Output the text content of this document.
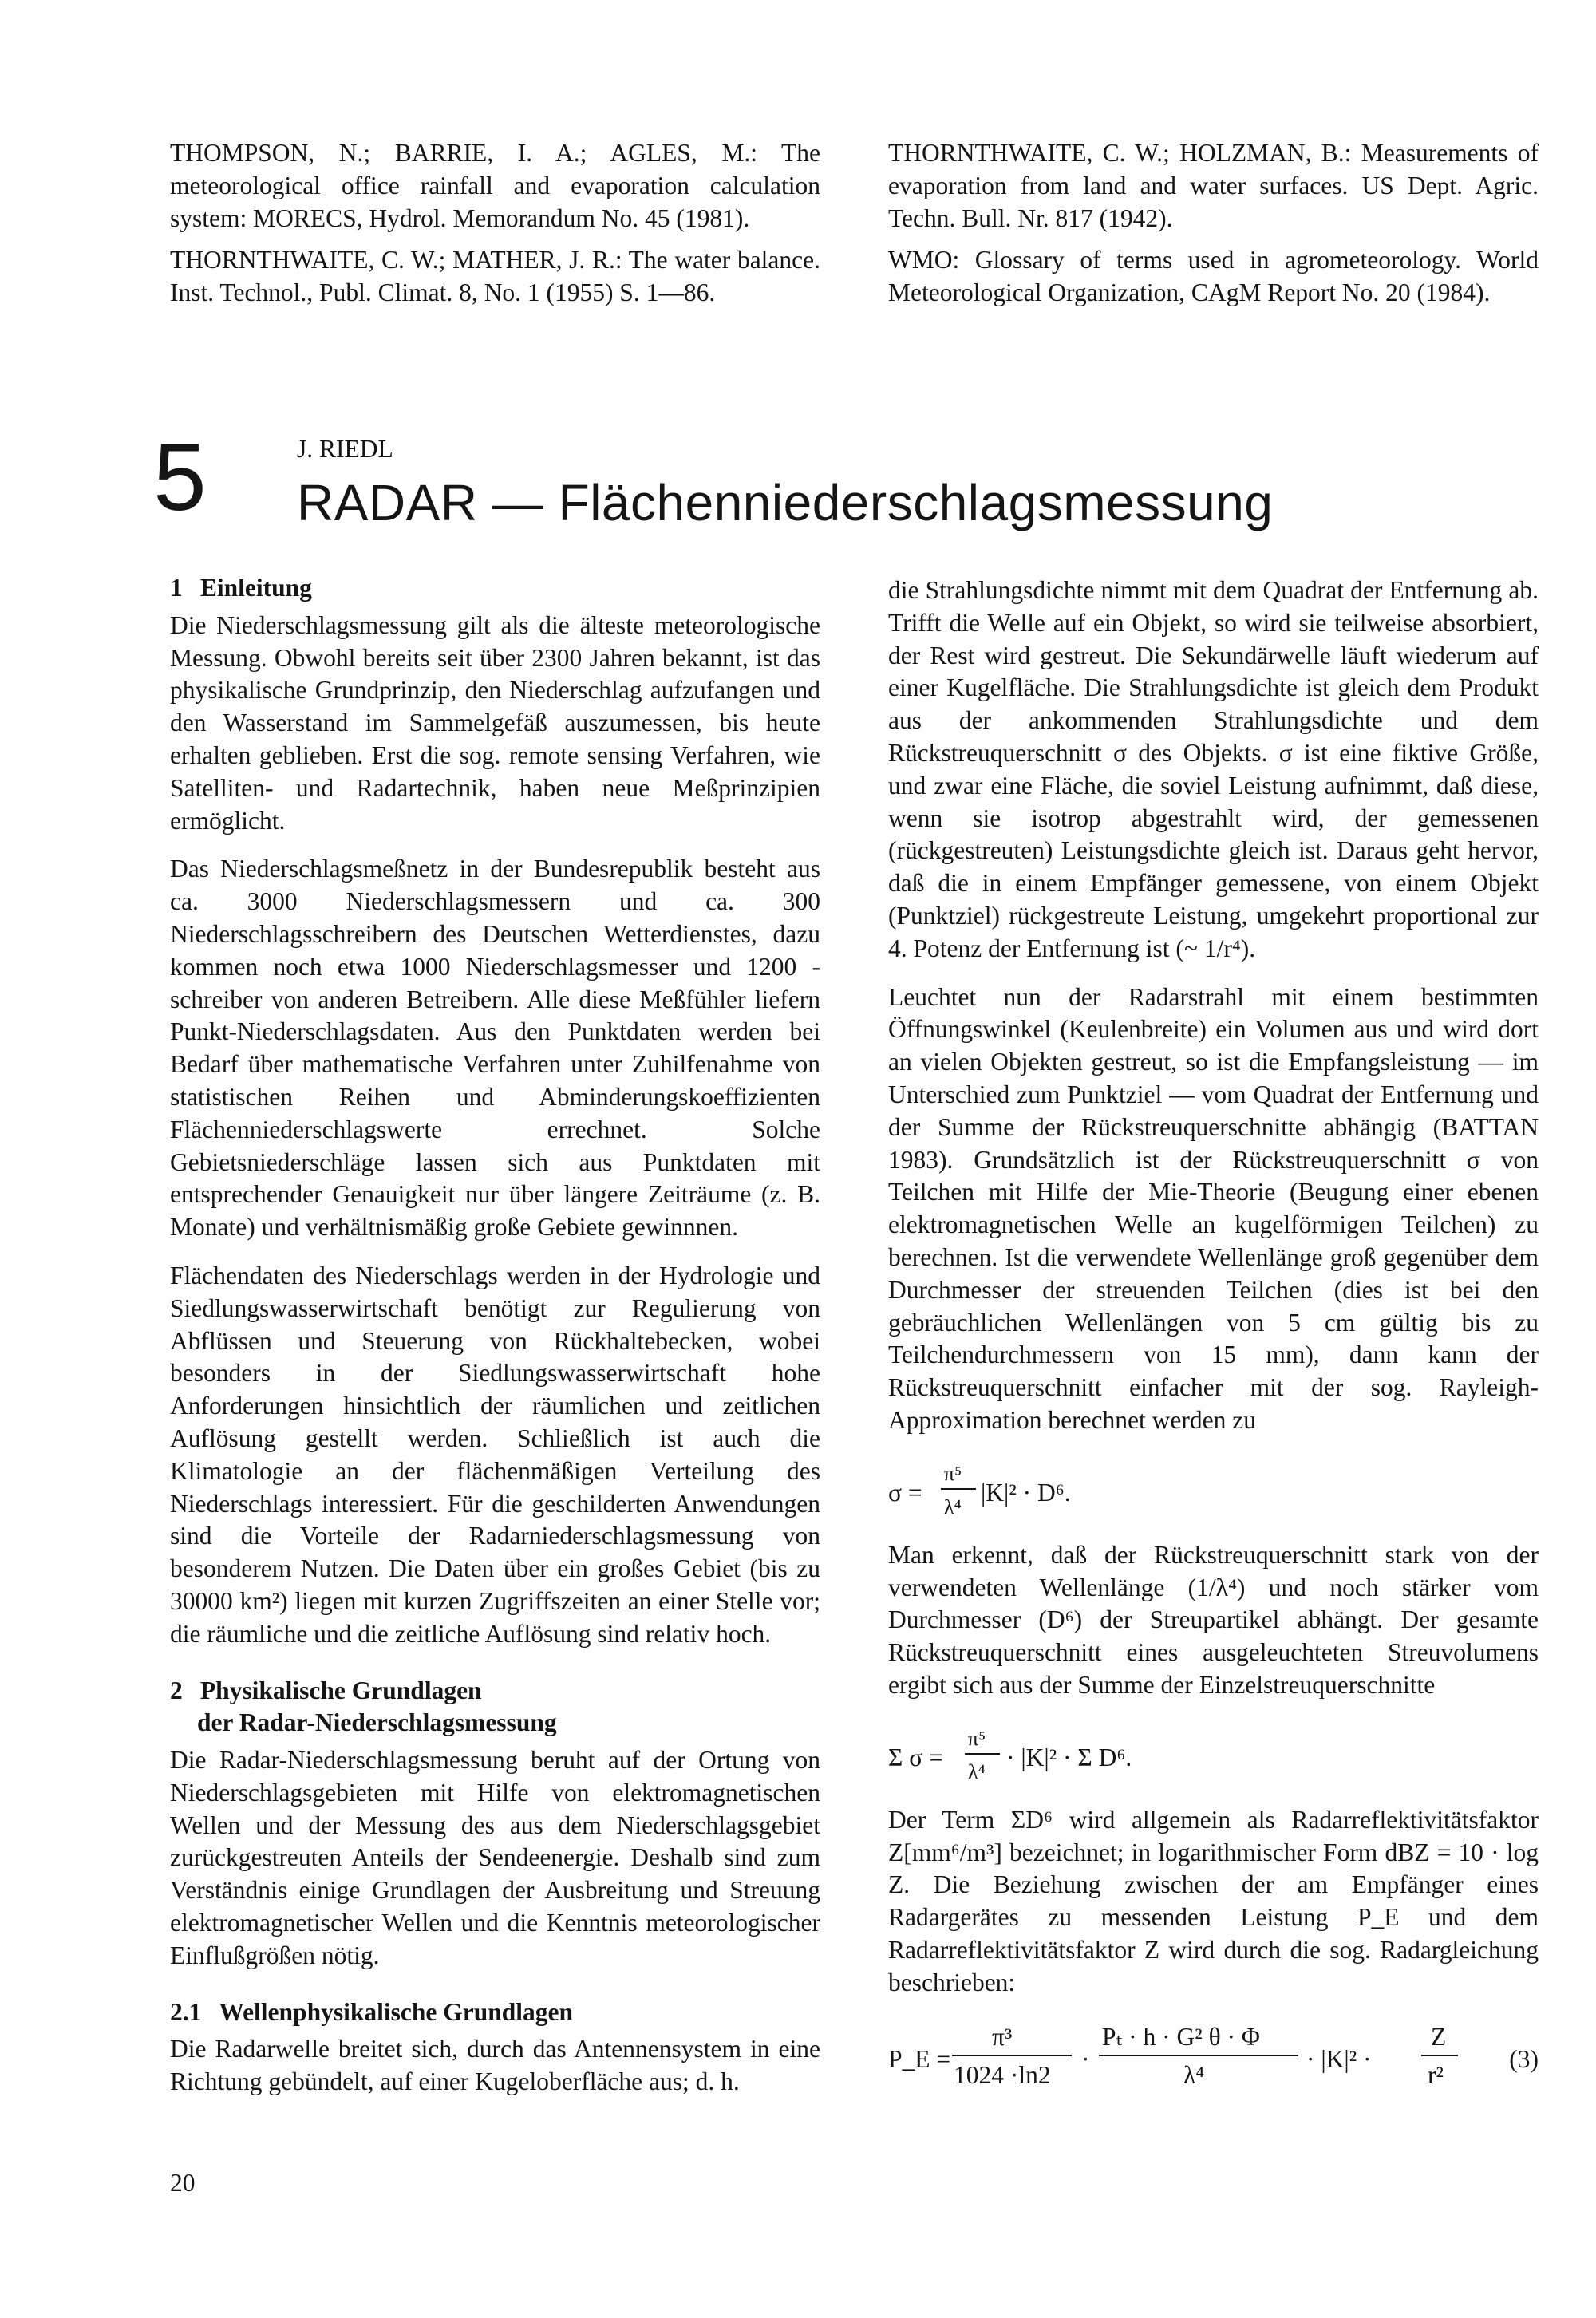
THOMPSON, N.; BARRIE, I. A.; AGLES, M.: The meteorological office rainfall and evaporation calculation system: MORECS, Hydrol. Memorandum No. 45 (1981).

THORNTHWAITE, C. W.; MATHER, J. R.: The water balance. Inst. Technol., Publ. Climat. 8, No. 1 (1955) S. 1—86.

THORNTHWAITE, C. W.; HOLZMAN, B.: Measurements of evaporation from land and water surfaces. US Dept. Agric. Techn. Bull. Nr. 817 (1942).

WMO: Glossary of terms used in agrometeorology. World Meteorological Organization, CAgM Report No. 20 (1984).

5	J. RIEDL
RADAR — Flächenniederschlagsmessung
1 Einleitung

Die Niederschlagsmessung gilt als die älteste meteorologische Messung. Obwohl bereits seit über 2300 Jahren bekannt, ist das physikalische Grundprinzip, den Niederschlag aufzufangen und den Wasserstand im Sammelgefäß auszumessen, bis heute erhalten geblieben. Erst die sog. remote sensing Verfahren, wie Satelliten- und Radartechnik, haben neue Meßprinzipien ermöglicht.

Das Niederschlagsmeßnetz in der Bundesrepublik besteht aus ca. 3000 Niederschlagsmessern und ca. 300 Niederschlagsschreibern des Deutschen Wetterdienstes, dazu kommen noch etwa 1000 Niederschlagsmesser und 1200 -schreiber von anderen Betreibern. Alle diese Meßfühler liefern Punkt-Niederschlagsdaten. Aus den Punktdaten werden bei Bedarf über mathematische Verfahren unter Zuhilfenahme von statistischen Reihen und Abminderungskoeffizienten Flächenniederschlagswerte errechnet. Solche Gebietsniederschläge lassen sich aus Punktdaten mit entsprechender Genauigkeit nur über längere Zeiträume (z. B. Monate) und verhältnismäßig große Gebiete gewinnnen.

Flächendaten des Niederschlags werden in der Hydrologie und Siedlungswasserwirtschaft benötigt zur Regulierung von Abflüssen und Steuerung von Rückhaltebecken, wobei besonders in der Siedlungswasserwirtschaft hohe Anforderungen hinsichtlich der räumlichen und zeitlichen Auflösung gestellt werden. Schließlich ist auch die Klimatologie an der flächenmäßigen Verteilung des Niederschlags interessiert. Für die geschilderten Anwendungen sind die Vorteile der Radarniederschlagsmessung von besonderem Nutzen. Die Daten über ein großes Gebiet (bis zu 30000 km²) liegen mit kurzen Zugriffszeiten an einer Stelle vor; die räumliche und die zeitliche Auflösung sind relativ hoch.

2 Physikalische Grundlagen
der Radar-Niederschlagsmessung

Die Radar-Niederschlagsmessung beruht auf der Ortung von Niederschlagsgebieten mit Hilfe von elektromagnetischen Wellen und der Messung des aus dem Niederschlagsgebiet zurückgestreuten Anteils der Sendeenergie. Deshalb sind zum Verständnis einige Grundlagen der Ausbreitung und Streuung elektromagnetischer Wellen und die Kenntnis meteorologischer Einflußgrößen nötig.

2.1 Wellenphysikalische Grundlagen

Die Radarwelle breitet sich, durch das Antennensystem in eine Richtung gebündelt, auf einer Kugeloberfläche aus; d. h.

die Strahlungsdichte nimmt mit dem Quadrat der Entfernung ab. Trifft die Welle auf ein Objekt, so wird sie teilweise absorbiert, der Rest wird gestreut. Die Sekundärwelle läuft wiederum auf einer Kugelfläche. Die Strahlungsdichte ist gleich dem Produkt aus der ankommenden Strahlungsdichte und dem Rückstreuquerschnitt σ des Objekts. σ ist eine fiktive Größe, und zwar eine Fläche, die soviel Leistung aufnimmt, daß diese, wenn sie isotrop abgestrahlt wird, der gemessenen (rückgestreuten) Leistungsdichte gleich ist. Daraus geht hervor, daß die in einem Empfänger gemessene, von einem Objekt (Punktziel) rückgestreute Leistung, umgekehrt proportional zur 4. Potenz der Entfernung ist (~ 1/r⁴).

Leuchtet nun der Radarstrahl mit einem bestimmten Öffnungswinkel (Keulenbreite) ein Volumen aus und wird dort an vielen Objekten gestreut, so ist die Empfangsleistung — im Unterschied zum Punktziel — vom Quadrat der Entfernung und der Summe der Rückstreuquerschnitte abhängig (BATTAN 1983). Grundsätzlich ist der Rückstreuquerschnitt σ von Teilchen mit Hilfe der Mie-Theorie (Beugung einer ebenen elektromagnetischen Welle an kugelförmigen Teilchen) zu berechnen. Ist die verwendete Wellenlänge groß gegenüber dem Durchmesser der streuenden Teilchen (dies ist bei den gebräuchlichen Wellenlängen von 5 cm gültig bis zu Teilchendurchmessern von 15 mm), dann kann der Rückstreuquerschnitt einfacher mit der sog. Rayleigh-Approximation berechnet werden zu

σ =
π⁵
λ⁴
|K|² · D⁶.

Man erkennt, daß der Rückstreuquerschnitt stark von der verwendeten Wellenlänge (1/λ⁴) und noch stärker vom Durchmesser (D⁶) der Streupartikel abhängt. Der gesamte Rückstreuquerschnitt eines ausgeleuchteten Streuvolumens ergibt sich aus der Summe der Einzelstreuquerschnitte

Σ σ =
π⁵
λ⁴
· |K|² · Σ D⁶.

Der Term ΣD⁶ wird allgemein als Radarreflektivitätsfaktor Z[mm⁶/m³] bezeichnet; in logarithmischer Form dBZ = 10 · log Z. Die Beziehung zwischen der am Empfänger eines Radargerätes zu messenden Leistung P_E und dem Radarreflektivitätsfaktor Z wird durch die sog. Radargleichung beschrieben:

P_E =
π³
1024 ·ln2
·
Pₜ · h · G² θ · Φ
λ⁴
· |K|² ·
Z
r²
(3)
20
